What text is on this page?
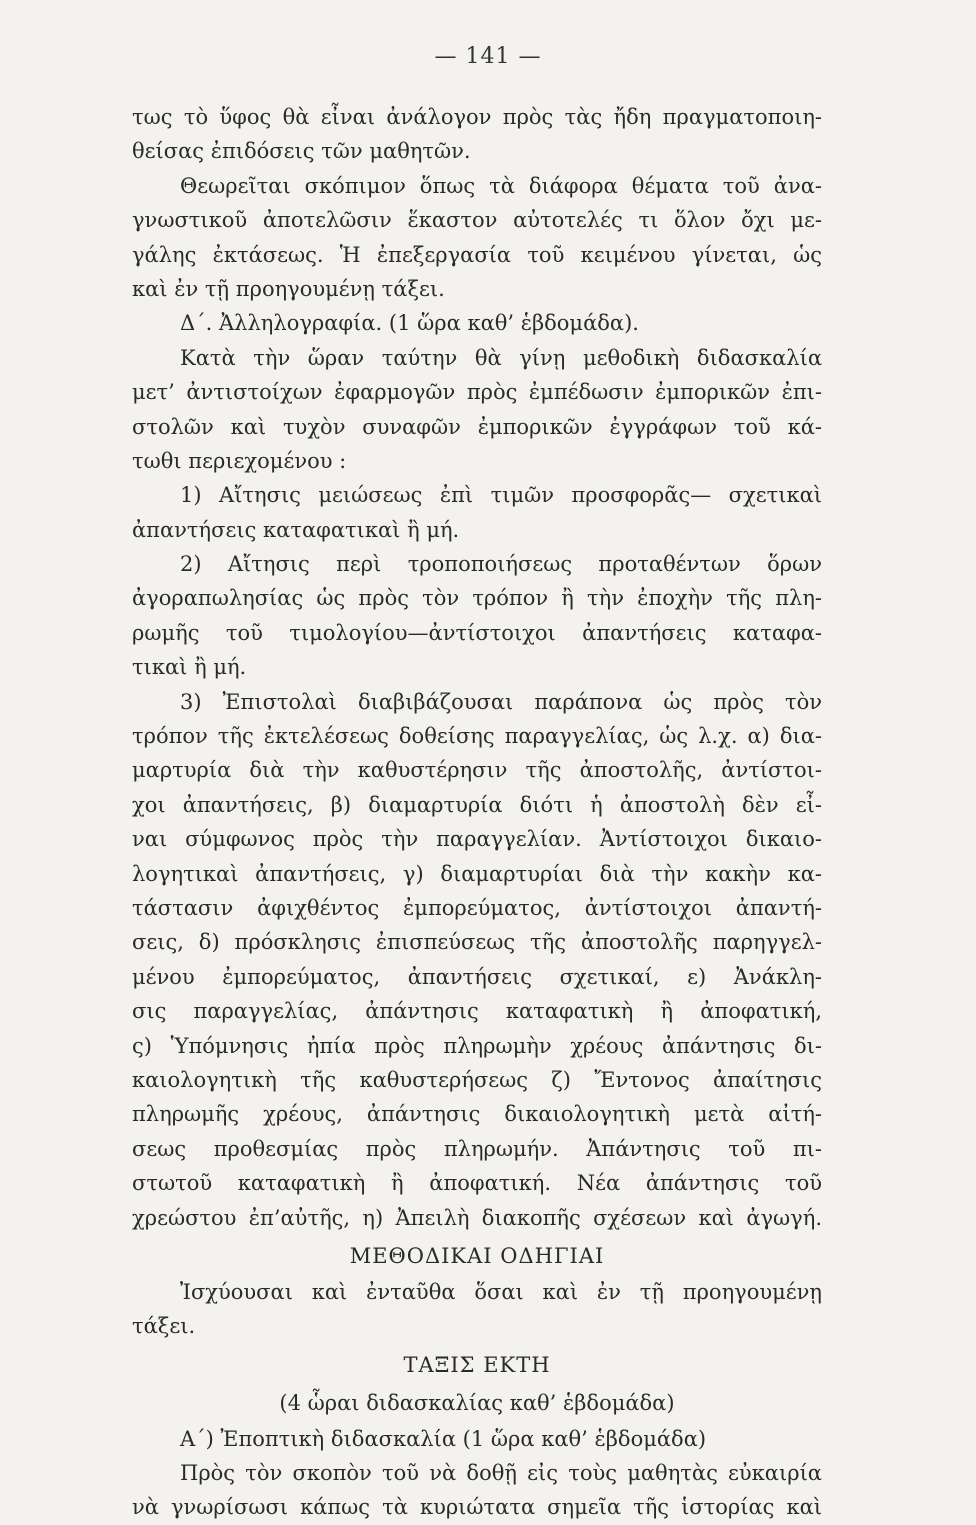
— 141 —
τως τὸ ὕφος θὰ εἶναι ἀνάλογον πρὸς τὰς ἤδη πραγματοποιη-
θείσας ἐπιδόσεις τῶν μαθητῶν.
Θεωρεῖται σκόπιμον ὅπως τὰ διάφορα θέματα τοῦ ἀνα-
γνωστικοῦ ἀποτελῶσιν ἕκαστον αὐτοτελές τι ὅλον ὄχι με-
γάλης ἐκτάσεως. Ἡ ἐπεξεργασία τοῦ κειμένου γίνεται, ὡς
καὶ ἐν τῇ προηγουμένῃ τάξει.
Δ΄. Ἀλληλογραφία. (1 ὥρα καθ’ ἑβδομάδα).
Κατὰ τὴν ὥραν ταύτην θὰ γίνῃ μεθοδικὴ διδασκαλία
μετ’ ἀντιστοίχων ἐφαρμογῶν πρὸς ἐμπέδωσιν ἐμπορικῶν ἐπι-
στολῶν καὶ τυχὸν συναφῶν ἐμπορικῶν ἐγγράφων τοῦ κά-
τωθι περιεχομένου :
1) Αἴτησις μειώσεως ἐπὶ τιμῶν προσφορᾶς— σχετικαὶ
ἀπαντήσεις καταφατικαὶ ἢ μή.
2) Αἴτησις περὶ τροποποιήσεως προταθέντων ὅρων
ἀγοραπωλησίας ὡς πρὸς τὸν τρόπον ἢ τὴν ἐποχὴν τῆς πλη-
ρωμῆς τοῦ τιμολογίου—ἀντίστοιχοι ἀπαντήσεις καταφα-
τικαὶ ἢ μή.
3) Ἐπιστολαὶ διαβιβάζουσαι παράπονα ὡς πρὸς τὸν
τρόπον τῆς ἐκτελέσεως δοθείσης παραγγελίας, ὡς λ.χ. α) δια-
μαρτυρία διὰ τὴν καθυστέρησιν τῆς ἀποστολῆς, ἀντίστοι-
χοι ἀπαντήσεις, β) διαμαρτυρία διότι ἡ ἀποστολὴ δὲν εἶ-
ναι σύμφωνος πρὸς τὴν παραγγελίαν. Ἀντίστοιχοι δικαιο-
λογητικαὶ ἀπαντήσεις, γ) διαμαρτυρίαι διὰ τὴν κακὴν κα-
τάστασιν ἀφιχθέντος ἐμπορεύματος, ἀντίστοιχοι ἀπαντή-
σεις, δ) πρόσκλησις ἐπισπεύσεως τῆς ἀποστολῆς παρηγγελ-
μένου ἐμπορεύματος, ἀπαντήσεις σχετικαί, ε) Ἀνάκλη-
σις παραγγελίας, ἀπάντησις καταφατικὴ ἢ ἀποφατική,
ς) Ὑπόμνησις ἠπία πρὸς πληρωμὴν χρέους ἀπάντησις δι-
καιολογητικὴ τῆς καθυστερήσεως ζ) Ἔντονος ἀπαίτησις
πληρωμῆς χρέους, ἀπάντησις δικαιολογητικὴ μετὰ αἰτή-
σεως προθεσμίας πρὸς πληρωμήν. Ἀπάντησις τοῦ πι-
στωτοῦ καταφατικὴ ἢ ἀποφατική. Νέα ἀπάντησις τοῦ
χρεώστου ἐπ’αὐτῆς, η) Ἀπειλὴ διακοπῆς σχέσεων καὶ ἀγωγή.
ΜΕΘΟΔΙΚΑΙ ΟΔΗΓΙΑΙ
Ἰσχύουσαι καὶ ἐνταῦθα ὅσαι καὶ ἐν τῇ προηγουμένῃ
τάξει.
ΤΑΞΙΣ ΕΚΤΗ
(4 ὧραι διδασκαλίας καθ’ ἑβδομάδα)
Α΄) Ἐποπτικὴ διδασκαλία (1 ὥρα καθ’ ἑβδομάδα)
Πρὸς τὸν σκοπὸν τοῦ νὰ δοθῇ εἰς τοὺς μαθητὰς εὐκαιρία
νὰ γνωρίσωσι κάπως τὰ κυριώτατα σημεῖα τῆς ἱστορίας καὶ
